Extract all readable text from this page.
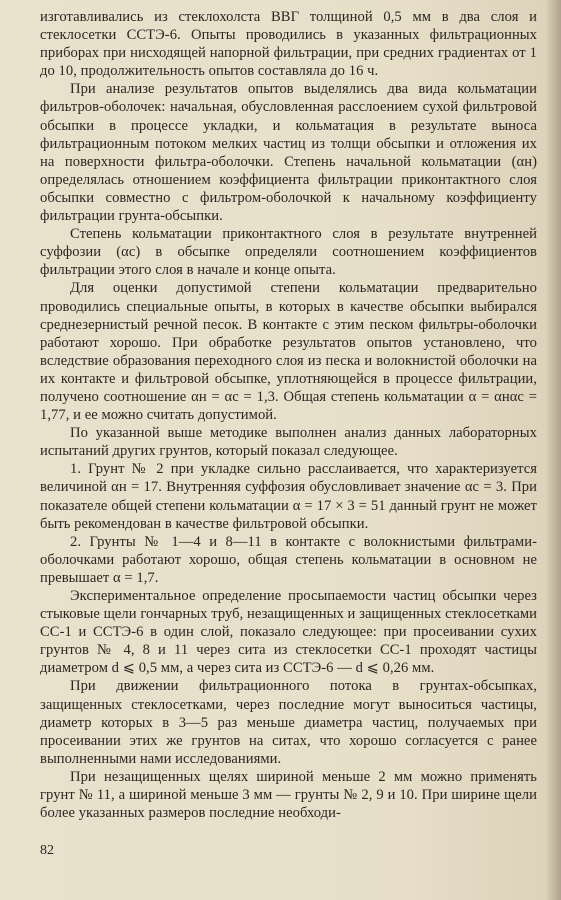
изготавливались из стеклохолста ВВГ толщиной 0,5 мм в два слоя и стеклосетки ССТЭ-6. Опыты проводились в указанных фильтрационных приборах при нисходящей напорной фильтрации, при средних градиентах от 1 до 10, продолжительность опытов составляла до 16 ч.

При анализе результатов опытов выделялись два вида кольматации фильтров-оболочек: начальная, обусловленная расслоением сухой фильтровой обсыпки в процессе укладки, и кольматация в результате выноса фильтрационным потоком мелких частиц из толщи обсыпки и отложения их на поверхности фильтра-оболочки. Степень начальной кольматации (αн) определялась отношением коэффициента фильтрации приконтактного слоя обсыпки совместно с фильтром-оболочкой к начальному коэффициенту фильтрации грунта-обсыпки.

Степень кольматации приконтактного слоя в результате внутренней суффозии (αс) в обсыпке определяли соотношением коэффициентов фильтрации этого слоя в начале и конце опыта.

Для оценки допустимой степени кольматации предварительно проводились специальные опыты, в которых в качестве обсыпки выбирался среднезернистый речной песок. В контакте с этим песком фильтры-оболочки работают хорошо. При обработке результатов опытов установлено, что вследствие образования переходного слоя из песка и волокнистой оболочки на их контакте и фильтровой обсыпке, уплотняющейся в процессе фильтрации, получено соотношение αн = αс = 1,3. Общая степень кольматации α = αнαс = 1,77, и ее можно считать допустимой.

По указанной выше методике выполнен анализ данных лабораторных испытаний других грунтов, который показал следующее.

1. Грунт № 2 при укладке сильно расслаивается, что характеризуется величиной αн = 17. Внутренняя суффозия обусловливает значение αс = 3. При показателе общей степени кольматации α = 17 × 3 = 51 данный грунт не может быть рекомендован в качестве фильтровой обсыпки.

2. Грунты № 1—4 и 8—11 в контакте с волокнистыми фильтрами-оболочками работают хорошо, общая степень кольматации в основном не превышает α = 1,7.

Экспериментальное определение просыпаемости частиц обсыпки через стыковые щели гончарных труб, незащищенных и защищенных стеклосетками СС-1 и ССТЭ-6 в один слой, показало следующее: при просеивании сухих грунтов № 4, 8 и 11 через сита из стеклосетки СС-1 проходят частицы диаметром d ⩽ 0,5 мм, а через сита из ССТЭ-6 — d ⩽ 0,26 мм.

При движении фильтрационного потока в грунтах-обсыпках, защищенных стеклосетками, через последние могут выноситься частицы, диаметр которых в 3—5 раз меньше диаметра частиц, получаемых при просеивании этих же грунтов на ситах, что хорошо согласуется с ранее выполненными нами исследованиями.

При незащищенных щелях шириной меньше 2 мм можно применять грунт № 11, а шириной меньше 3 мм — грунты № 2, 9 и 10. При ширине щели более указанных размеров последние необходи-

82
